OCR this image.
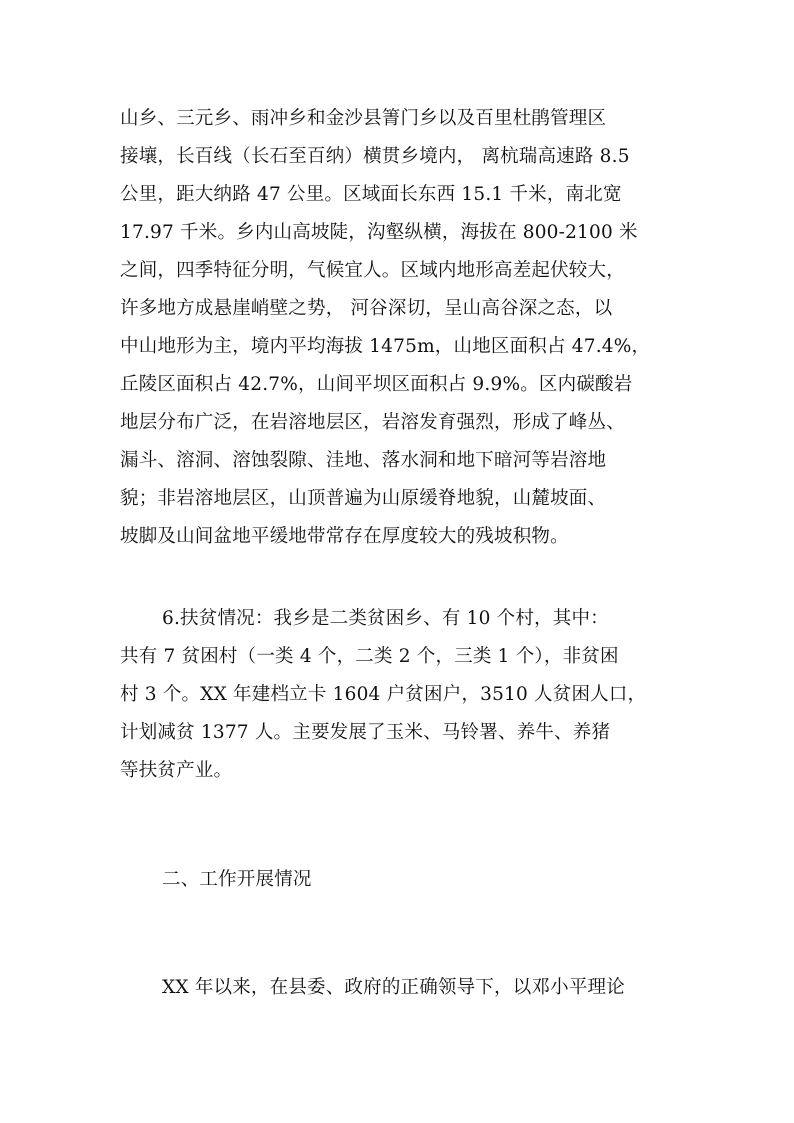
山乡、三元乡、雨冲乡和金沙县箐门乡以及百里杜鹃管理区
接壤，长百线（长石至百纳）横贯乡境内， 离杭瑞高速路 8.5
公里，距大纳路 47 公里。区域面长东西 15.1 千米，南北宽
17.97 千米。乡内山高坡陡，沟壑纵横，海拔在 800-2100 米
之间，四季特征分明，气候宜人。区域内地形高差起伏较大，
许多地方成悬崖峭壁之势， 河谷深切，呈山高谷深之态，以
中山地形为主，境内平均海拔 1475m，山地区面积占 47.4%，
丘陵区面积占 42.7%，山间平坝区面积占 9.9%。区内碳酸岩
地层分布广泛，在岩溶地层区，岩溶发育强烈，形成了峰丛、
漏斗、溶洞、溶蚀裂隙、洼地、落水洞和地下暗河等岩溶地
貌；非岩溶地层区，山顶普遍为山原缓脊地貌，山麓坡面、
坡脚及山间盆地平缓地带常存在厚度较大的残坡积物。
6.扶贫情况：我乡是二类贫困乡、有 10 个村，其中：
共有 7 贫困村（一类 4 个，二类 2 个，三类 1 个），非贫困
村 3 个。XX 年建档立卡 1604 户贫困户，3510 人贫困人口，
计划减贫 1377 人。主要发展了玉米、马铃署、养牛、养猪
等扶贫产业。
二、工作开展情况
XX 年以来，在县委、政府的正确领导下，以邓小平理论
